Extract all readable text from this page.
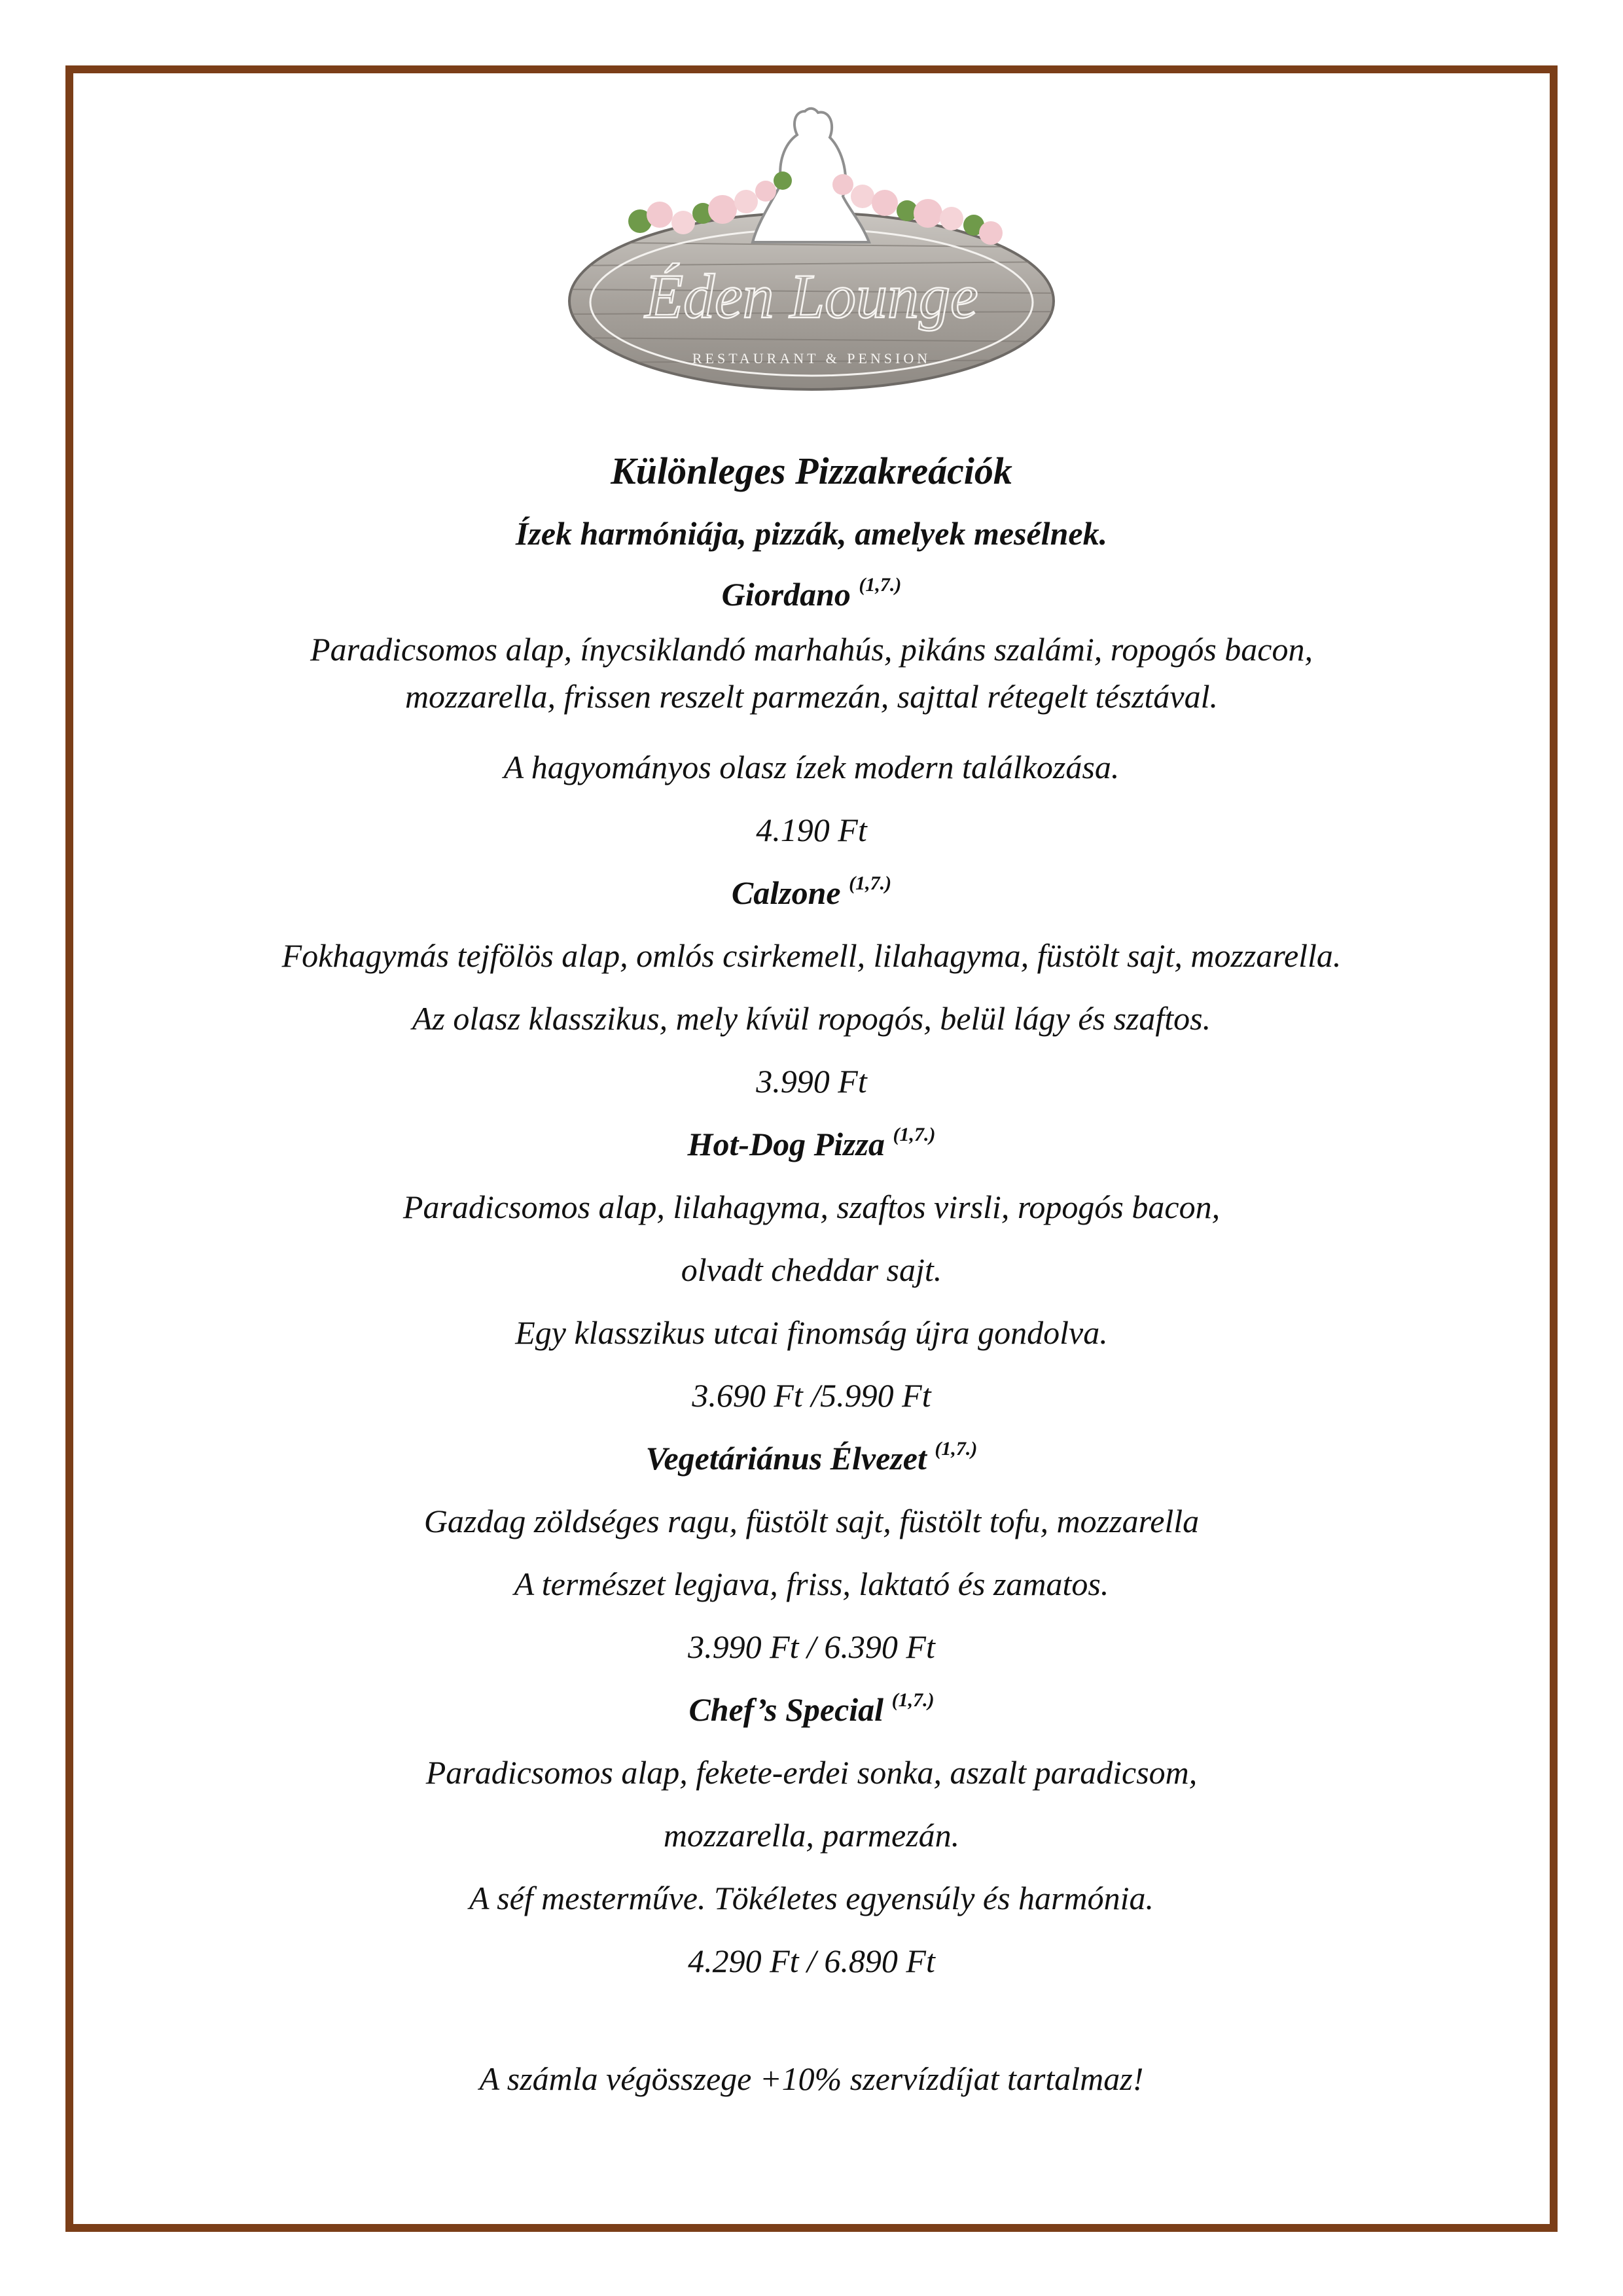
Éden Lounge
RESTAURANT & PENSION
Különleges Pizzakreációk
Ízek harmóniája, pizzák, amelyek mesélnek.
Giordano $^{(1,7.)}$
Paradicsomos alap, ínycsiklandó marhahús, pikáns szalámi, ropogós bacon,
mozzarella, frissen reszelt parmezán, sajttal rétegelt tésztával.
A hagyományos olasz ízek modern találkozása.
4.190 Ft
Calzone $^{(1,7.)}$
Fokhagymás tejfölös alap, omlós csirkemell, lilahagyma, füstölt sajt, mozzarella.
Az olasz klasszikus, mely kívül ropogós, belül lágy és szaftos.
3.990 Ft
Hot-Dog Pizza $^{(1,7.)}$
Paradicsomos alap, lilahagyma, szaftos virsli, ropogós bacon,
olvadt cheddar sajt.
Egy klasszikus utcai finomság újra gondolva.
3.690 Ft /5.990 Ft
Vegetáriánus Élvezet $^{(1,7.)}$
Gazdag zöldséges ragu, füstölt sajt, füstölt tofu, mozzarella
A természet legjava, friss, laktató és zamatos.
3.990 Ft / 6.390 Ft
Chef’s Special $^{(1,7.)}$
Paradicsomos alap, fekete-erdei sonka, aszalt paradicsom,
mozzarella, parmezán.
A séf mesterműve. Tökéletes egyensúly és harmónia.
4.290 Ft / 6.890 Ft
A számla végösszege +10% szervízdíjat tartalmaz!
